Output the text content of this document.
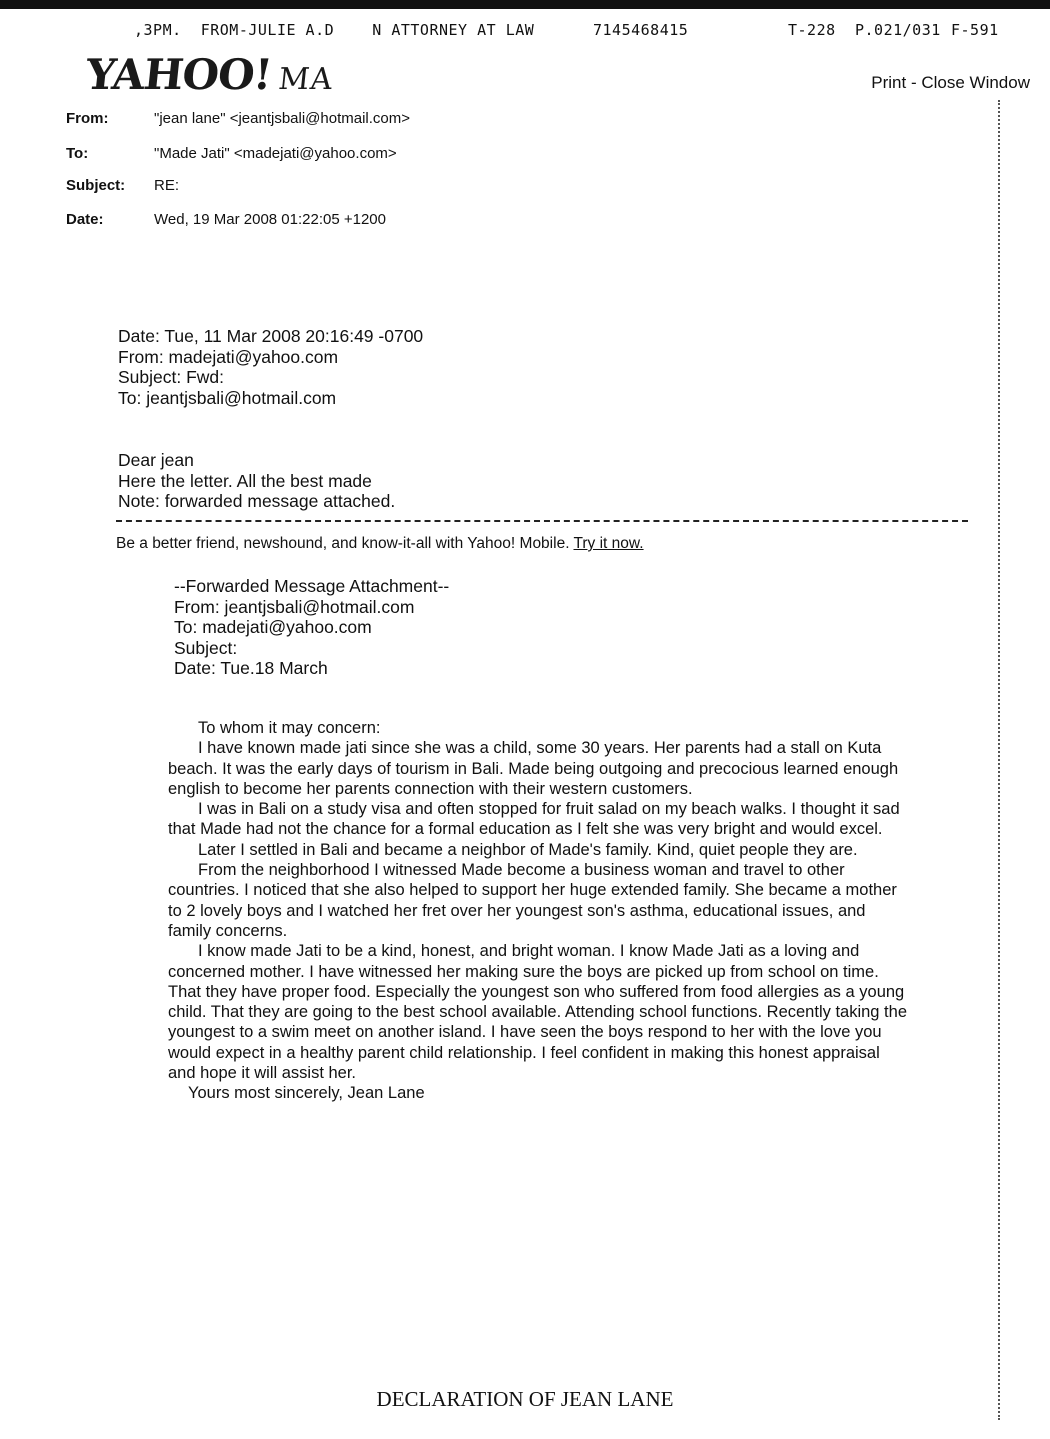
,3PM.  FROM-JULIE A.D    N ATTORNEY AT LAW	7145468415	T-228 P.021/031 F-591
YAHOO! MA	Print - Close Window
From:	"jean lane" <jeantjsbali@hotmail.com>
To:	"Made Jati" <madejati@yahoo.com>
Subject: RE:
Date:	Wed, 19 Mar 2008 01:22:05 +1200
Date: Tue, 11 Mar 2008 20:16:49 -0700
From: madejati@yahoo.com
Subject: Fwd:
To: jeantjsbali@hotmail.com
Dear jean
Here the letter. All the best made
Note: forwarded message attached.
Be a better friend, newshound, and know-it-all with Yahoo! Mobile. Try it now.
--Forwarded Message Attachment--
From: jeantjsbali@hotmail.com
To: madejati@yahoo.com
Subject:
Date: Tue.18 March

To whom it may concern:

I have known made jati since she was a child, some 30 years. Her parents had a stall on Kuta beach. It was the early days of tourism in Bali. Made being outgoing and precocious learned enough english to become her parents connection with their western customers.

I was in Bali on a study visa and often stopped for fruit salad on my beach walks. I thought it sad that Made had not the chance for a formal education as I felt she was very bright and would excel.

Later I settled in Bali and became a neighbor of Made's family. Kind, quiet people they are.

From the neighborhood I witnessed Made become a business woman and travel to other countries. I noticed that she also helped to support her huge extended family. She became a mother to 2 lovely boys and I watched her fret over her youngest son's asthma, educational issues, and family concerns.

I know made Jati to be a kind, honest, and bright woman. I know Made Jati as a loving and concerned mother. I have witnessed her making sure the boys are picked up from school on time. That they have proper food. Especially the youngest son who suffered from food allergies as a young child. That they are going to the best school available. Attending school functions. Recently taking the youngest to a swim meet on another island. I have seen the boys respond to her with the love you would expect in a healthy parent child relationship. I feel confident in making this honest appraisal and hope it will assist her.

Yours most sincerely, Jean Lane

DECLARATION OF JEAN LANE
